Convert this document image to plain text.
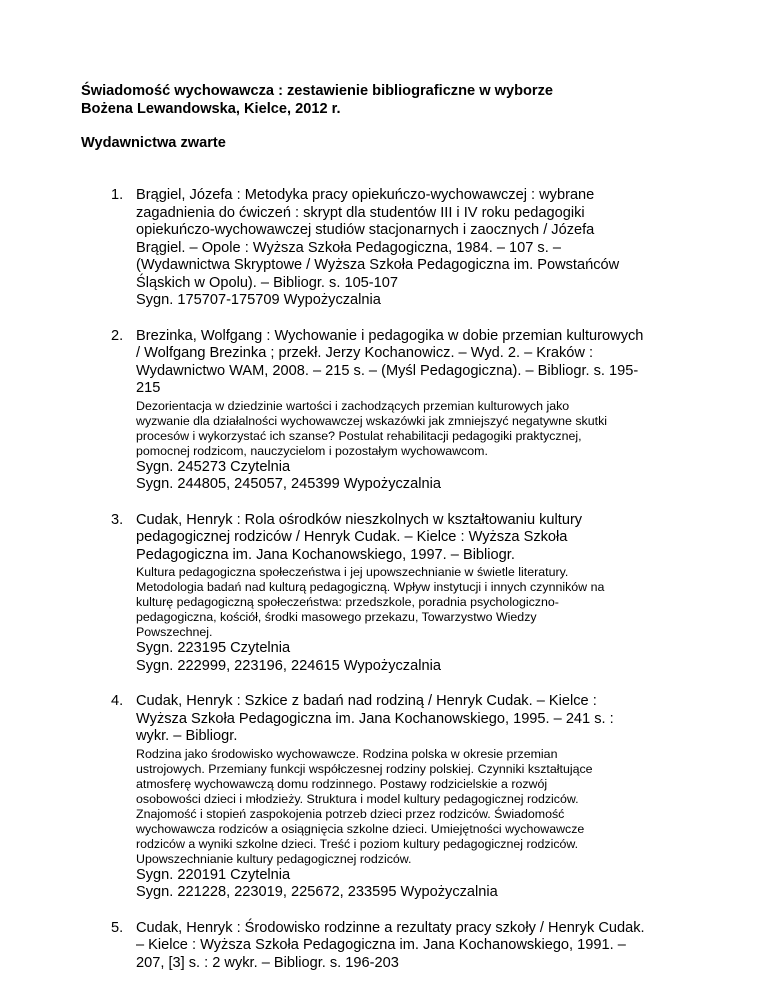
Świadomość wychowawcza : zestawienie bibliograficzne w wyborze
Bożena Lewandowska, Kielce, 2012 r.
Wydawnictwa zwarte
1. Brągiel, Józefa : Metodyka pracy opiekuńczo-wychowawczej : wybrane
zagadnienia do ćwiczeń : skrypt dla studentów III i IV roku pedagogiki
opiekuńczo-wychowawczej studiów stacjonarnych i zaocznych / Józefa
Brągiel. – Opole : Wyższa Szkoła Pedagogiczna, 1984. – 107 s. –
(Wydawnictwa Skryptowe / Wyższa Szkoła Pedagogiczna im. Powstańców
Śląskich w Opolu). – Bibliogr. s. 105-107
Sygn. 175707-175709 Wypożyczalnia
2. Brezinka, Wolfgang : Wychowanie i pedagogika w dobie przemian kulturowych
/ Wolfgang Brezinka ; przekł. Jerzy Kochanowicz. – Wyd. 2. – Kraków :
Wydawnictwo WAM, 2008. – 215 s. – (Myśl Pedagogiczna). – Bibliogr. s. 195-
215
Dezorientacja w dziedzinie wartości i zachodzących przemian kulturowych jako
wyzwanie dla działalności wychowawczej wskazówki jak zmniejszyć negatywne skutki
procesów i wykorzystać ich szanse? Postulat rehabilitacji pedagogiki praktycznej,
pomocnej rodzicom, nauczycielom i pozostałym wychowawcom.
Sygn. 245273 Czytelnia
Sygn. 244805, 245057, 245399 Wypożyczalnia
3. Cudak, Henryk : Rola ośrodków nieszkolnych w kształtowaniu kultury
pedagogicznej rodziców / Henryk Cudak. – Kielce : Wyższa Szkoła
Pedagogiczna im. Jana Kochanowskiego, 1997. – Bibliogr.
Kultura pedagogiczna społeczeństwa i jej upowszechnianie w świetle literatury.
Metodologia badań nad kulturą pedagogiczną. Wpływ instytucji i innych czynników na
kulturę pedagogiczną społeczeństwa: przedszkole, poradnia psychologiczno-
pedagogiczna, kościół, środki masowego przekazu, Towarzystwo Wiedzy
Powszechnej.
Sygn. 223195 Czytelnia
Sygn. 222999, 223196, 224615 Wypożyczalnia
4. Cudak, Henryk : Szkice z badań nad rodziną / Henryk Cudak. – Kielce :
Wyższa Szkoła Pedagogiczna im. Jana Kochanowskiego, 1995. – 241 s. :
wykr. – Bibliogr.
Rodzina jako środowisko wychowawcze. Rodzina polska w okresie przemian
ustrojowych. Przemiany funkcji współczesnej rodziny polskiej. Czynniki kształtujące
atmosferę wychowawczą domu rodzinnego. Postawy rodzicielskie a rozwój
osobowości dzieci i młodzieży. Struktura i model kultury pedagogicznej rodziców.
Znajomość i stopień zaspokojenia potrzeb dzieci przez rodziców. Świadomość
wychowawcza rodziców a osiągnięcia szkolne dzieci. Umiejętności wychowawcze
rodziców a wyniki szkolne dzieci. Treść i poziom kultury pedagogicznej rodziców.
Upowszechnianie kultury pedagogicznej rodziców.
Sygn. 220191 Czytelnia
Sygn. 221228, 223019, 225672, 233595 Wypożyczalnia
5. Cudak, Henryk : Środowisko rodzinne a rezultaty pracy szkoły / Henryk Cudak.
– Kielce : Wyższa Szkoła Pedagogiczna im. Jana Kochanowskiego, 1991. –
207, [3] s. : 2 wykr. – Bibliogr. s. 196-203
